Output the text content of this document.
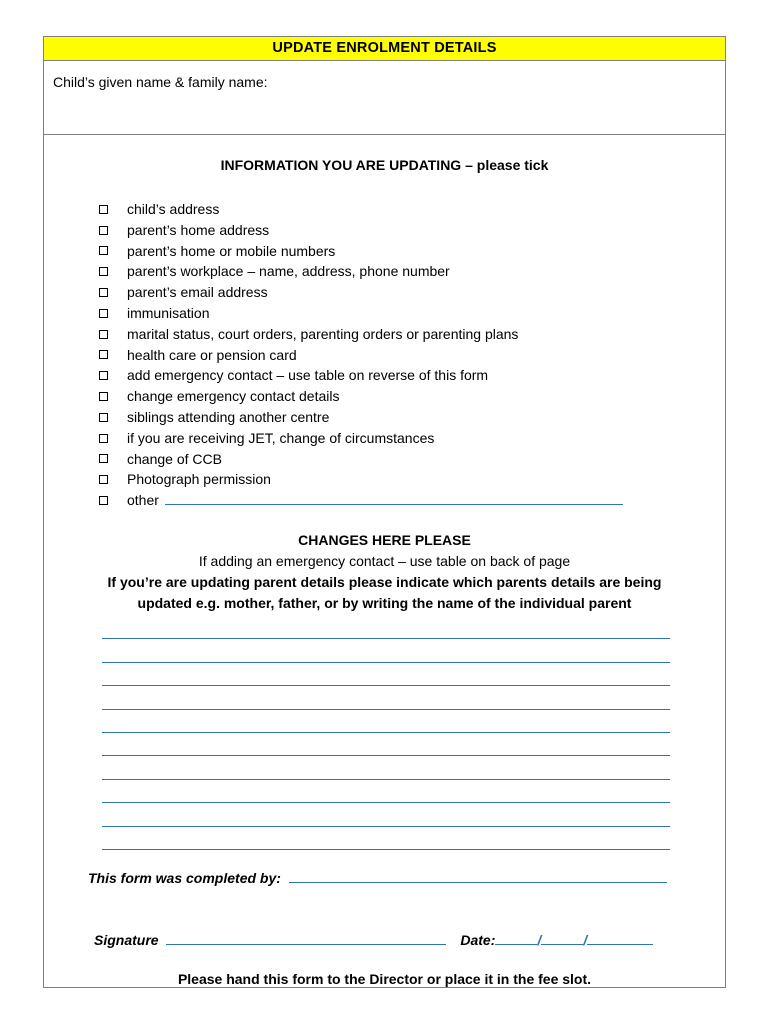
UPDATE ENROLMENT DETAILS
Child’s given name & family name:
INFORMATION YOU ARE UPDATING – please tick
child’s address
parent’s home address
parent’s home or mobile numbers
parent’s workplace – name, address, phone number
parent’s email address
immunisation
marital status, court orders, parenting orders or parenting plans
health care or pension card
add emergency contact – use table on reverse of this form
change emergency contact details
siblings attending another centre
if you are receiving JET, change of circumstances
change of CCB
Photograph permission
other
CHANGES HERE PLEASE
If adding an emergency contact – use table on back of page
If you’re are updating parent details please indicate which parents details are being
updated e.g. mother, father, or by writing the name of the individual parent
This form was completed by:
Signature	Date:	/	/
Please hand this form to the Director or place it in the fee slot.
